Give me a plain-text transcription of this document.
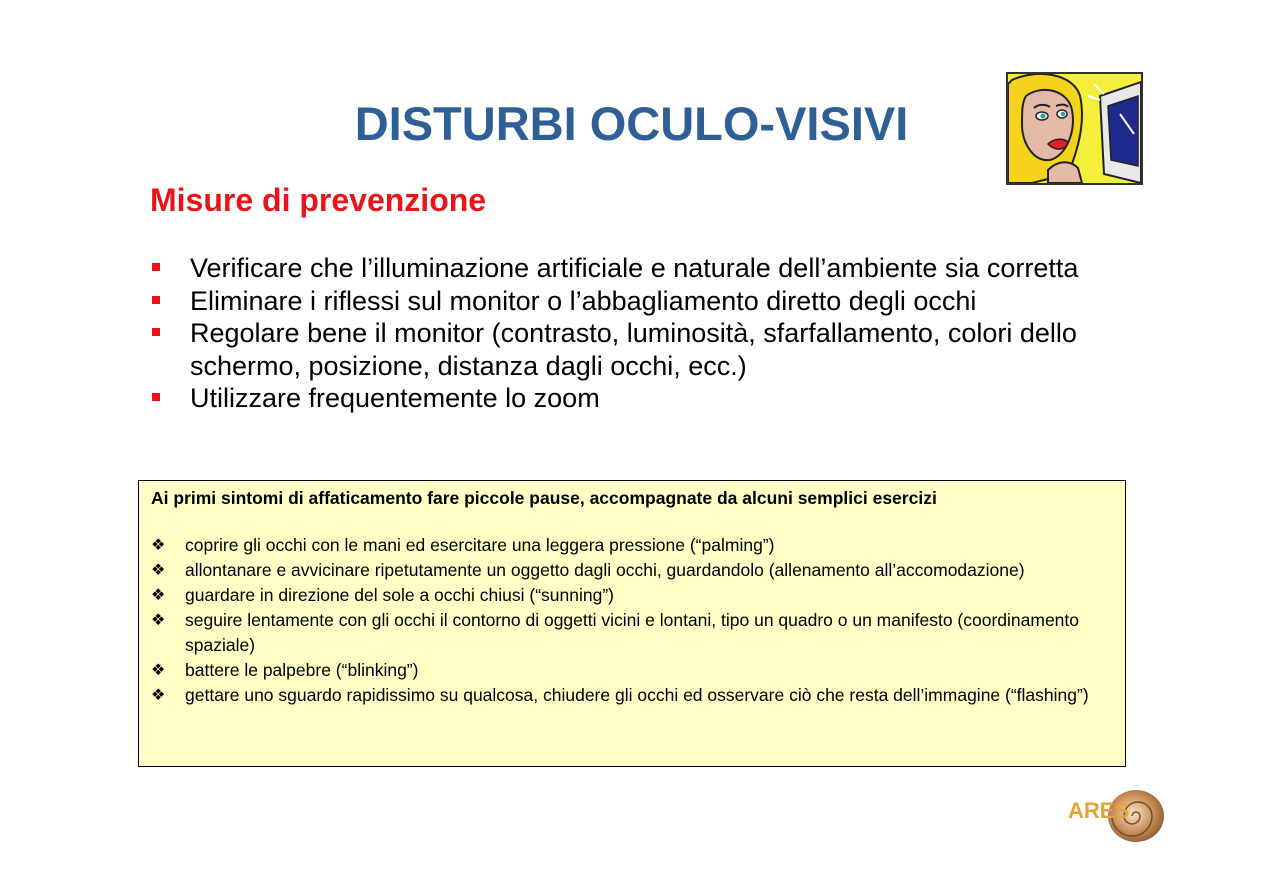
DISTURBI OCULO-VISIVI
Misure di prevenzione
Verificare che l’illuminazione artificiale e naturale dell’ambiente sia corretta
Eliminare i riflessi sul monitor o l’abbagliamento diretto degli occhi
Regolare bene il monitor (contrasto, luminosità, sfarfallamento, colori dello schermo, posizione, distanza dagli occhi, ecc.)
Utilizzare frequentemente lo zoom

Ai primi sintomi di affaticamento fare piccole pause, accompagnate da alcuni semplici esercizi

❖ coprire gli occhi con le mani ed esercitare una leggera pressione (“palming”)
❖ allontanare e avvicinare ripetutamente un oggetto dagli occhi, guardandolo (allenamento all’accomodazione)
❖ guardare in direzione del sole a occhi chiusi (“sunning”)
❖ seguire lentamente con gli occhi il contorno di oggetti vicini e lontani, tipo un quadro o un manifesto (coordinamento spaziale)
❖ battere le palpebre (“blinking”)
❖ gettare uno sguardo rapidissimo su qualcosa, chiudere gli occhi ed osservare ciò che resta dell’immagine (“flashing”)
ARES
